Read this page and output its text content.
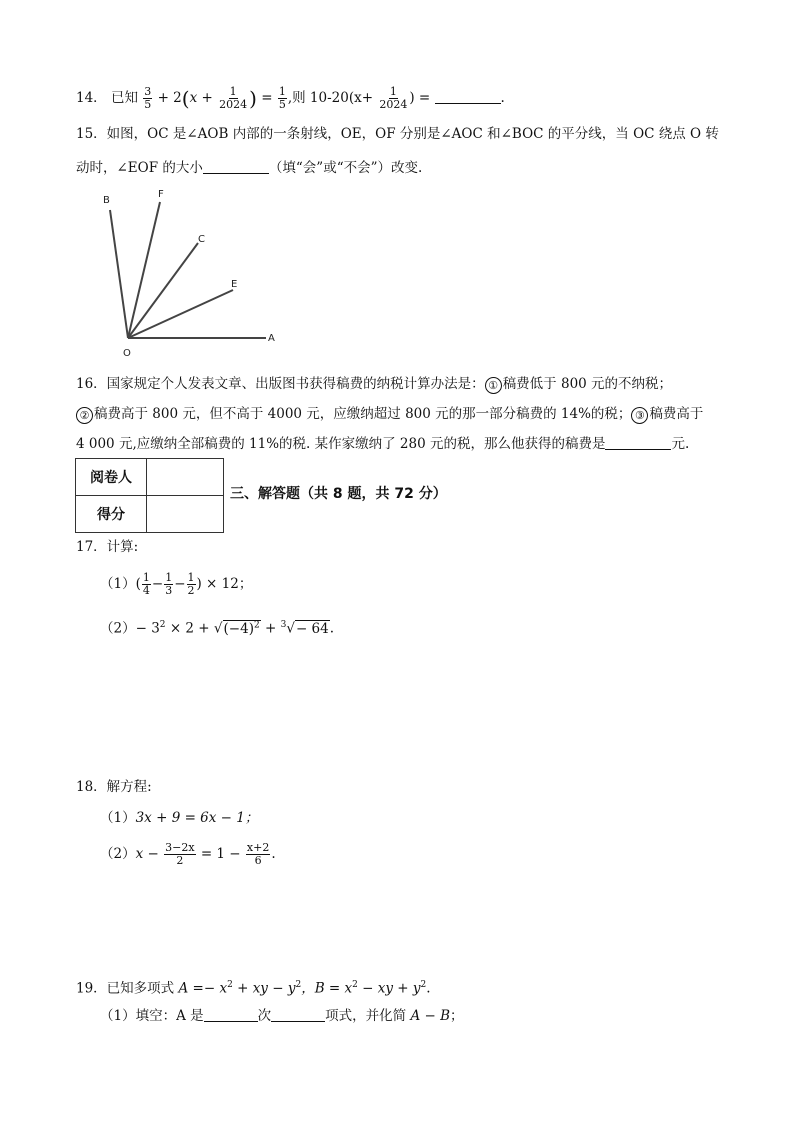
14． 已知 $\frac{3}{5} + 2(x + \frac{1}{2024}$ ) = $\frac{1}{5}$ ,则 $10-20(x+ \frac{1}{2024}$ ) =	.
15．如图，OC 是∠AOB 内部的一条射线，OE，OF 分别是∠AOC 和∠BOC 的平分线，当 OC 绕点 O 转
动时，∠EOF 的大小	（填“会”或“不会”）改变.
B
F
C
E
A
O
16．国家规定个人发表文章、出版图书获得稿费的纳税计算办法是： ① 稿费低于 800 元的不纳税；
② 稿费高于 800 元，但不高于 4000 元，应缴纳超过 800 元的那一部分稿费的 14%的税； ③ 稿费高于
4 000 元,应缴纳全部稿费的 11%的税. 某作家缴纳了 280 元的税，那么他获得的稿费是	元.
阅卷人	
得分	
三、解答题（共 8 题，共 72 分）
17．计算:
$(1)( \frac{1}{4} - \frac{1}{3} - \frac{1}{2}$ ) × 12；
$(2)- 3^2 \times 2 + √(-4)^2 + ^3√- 64$.
18．解方程:
（1）3x + 9 = 6x − 1；
$(2)x - \frac{3-2x}{2} = 1 - \frac{x+2}{6}$ .
19．已知多项式 $A =- x^2$ + xy − $y^2$，$B = x^2$ − xy + $y^2$.
（1）填空：A 是	次	项式，并化简 A − B；
